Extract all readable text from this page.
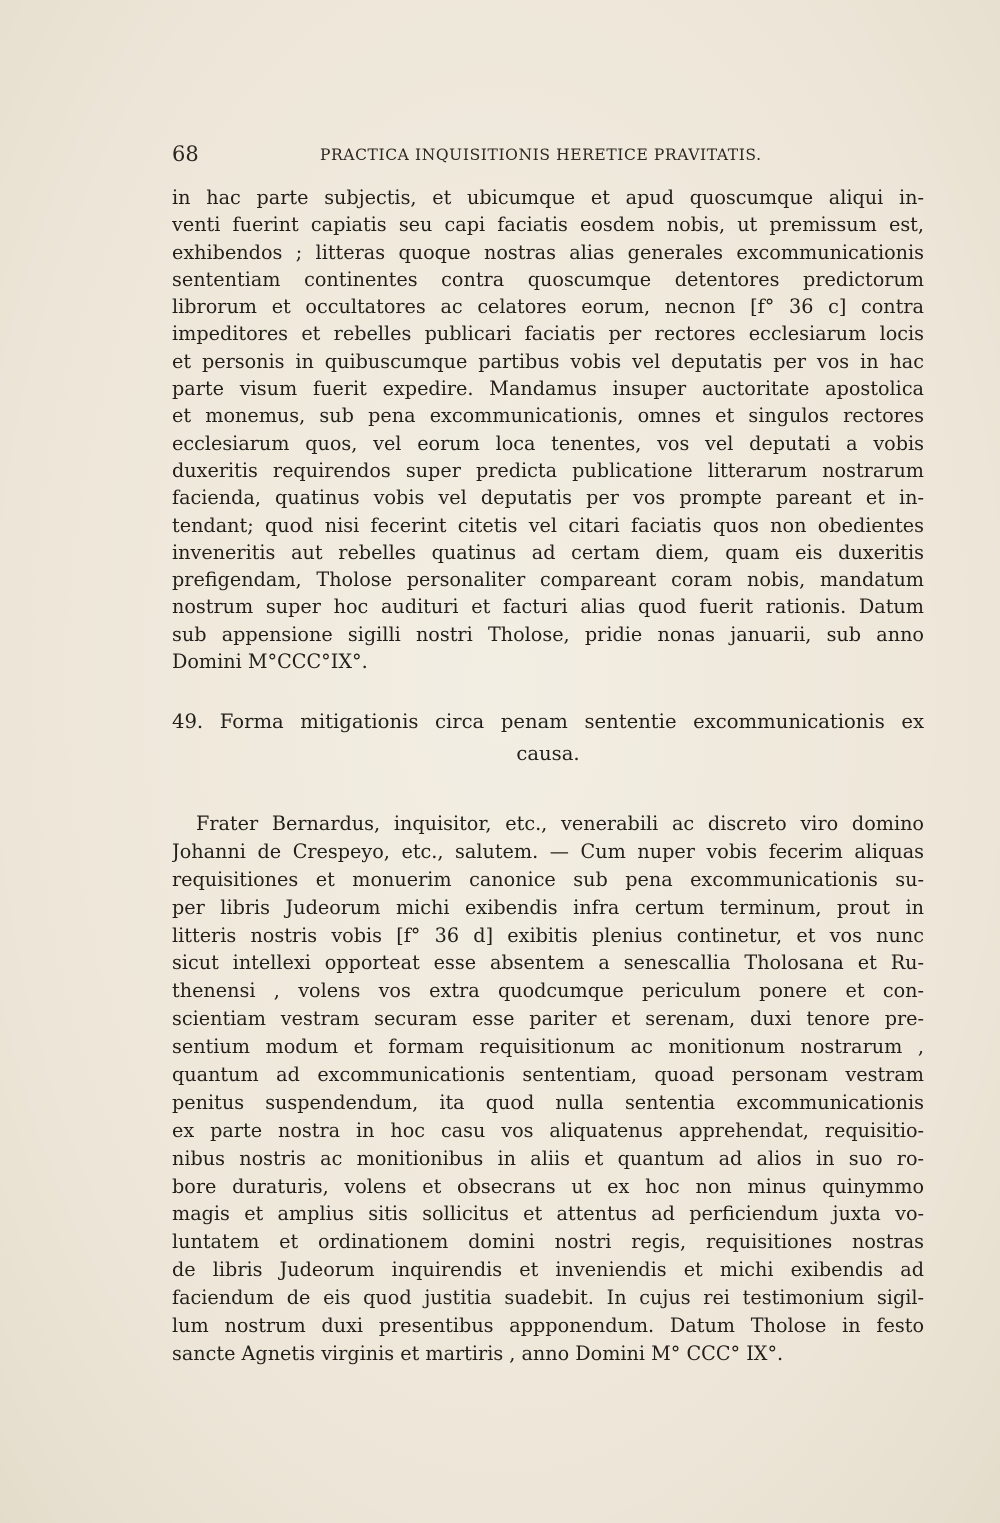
68	PRACTICA INQUISITIONIS HERETICE PRAVITATIS.
in hac parte subjectis, et ubicumque et apud quoscumque aliqui in-
venti fuerint capiatis seu capi faciatis eosdem nobis, ut premissum est,
exhibendos ; litteras quoque nostras alias generales excommunicationis
sententiam continentes contra quoscumque detentores predictorum
librorum et occultatores ac celatores eorum, necnon [f° 36 c] contra
impeditores et rebelles publicari faciatis per rectores ecclesiarum locis
et personis in quibuscumque partibus vobis vel deputatis per vos in hac
parte visum fuerit expedire. Mandamus insuper auctoritate apostolica
et monemus, sub pena excommunicationis, omnes et singulos rectores
ecclesiarum quos, vel eorum loca tenentes, vos vel deputati a vobis
duxeritis requirendos super predicta publicatione litterarum nostrarum
facienda, quatinus vobis vel deputatis per vos prompte pareant et in-
tendant; quod nisi fecerint citetis vel citari faciatis quos non obedientes
inveneritis aut rebelles quatinus ad certam diem, quam eis duxeritis
prefigendam, Tholose personaliter compareant coram nobis, mandatum
nostrum super hoc audituri et facturi alias quod fuerit rationis. Datum
sub appensione sigilli nostri Tholose, pridie nonas januarii, sub anno
Domini M°CCC°IX°.
49. Forma mitigationis circa penam sententie excommunicationis ex
causa.
Frater Bernardus, inquisitor, etc., venerabili ac discreto viro domino
Johanni de Crespeyo, etc., salutem. — Cum nuper vobis fecerim aliquas
requisitiones et monuerim canonice sub pena excommunicationis su-
per libris Judeorum michi exibendis infra certum terminum, prout in
litteris nostris vobis [f° 36 d] exibitis plenius continetur, et vos nunc
sicut intellexi opporteat esse absentem a senescallia Tholosana et Ru-
thenensi , volens vos extra quodcumque periculum ponere et con-
scientiam vestram securam esse pariter et serenam, duxi tenore pre-
sentium modum et formam requisitionum ac monitionum nostrarum ,
quantum ad excommunicationis sententiam, quoad personam vestram
penitus suspendendum, ita quod nulla sententia excommunicationis
ex parte nostra in hoc casu vos aliquatenus apprehendat, requisitio-
nibus nostris ac monitionibus in aliis et quantum ad alios in suo ro-
bore duraturis, volens et obsecrans ut ex hoc non minus quinymmo
magis et amplius sitis sollicitus et attentus ad perficiendum juxta vo-
luntatem et ordinationem domini nostri regis, requisitiones nostras
de libris Judeorum inquirendis et inveniendis et michi exibendis ad
faciendum de eis quod justitia suadebit. In cujus rei testimonium sigil-
lum nostrum duxi presentibus appponendum. Datum Tholose in festo
sancte Agnetis virginis et martiris , anno Domini M° CCC° IX°.
